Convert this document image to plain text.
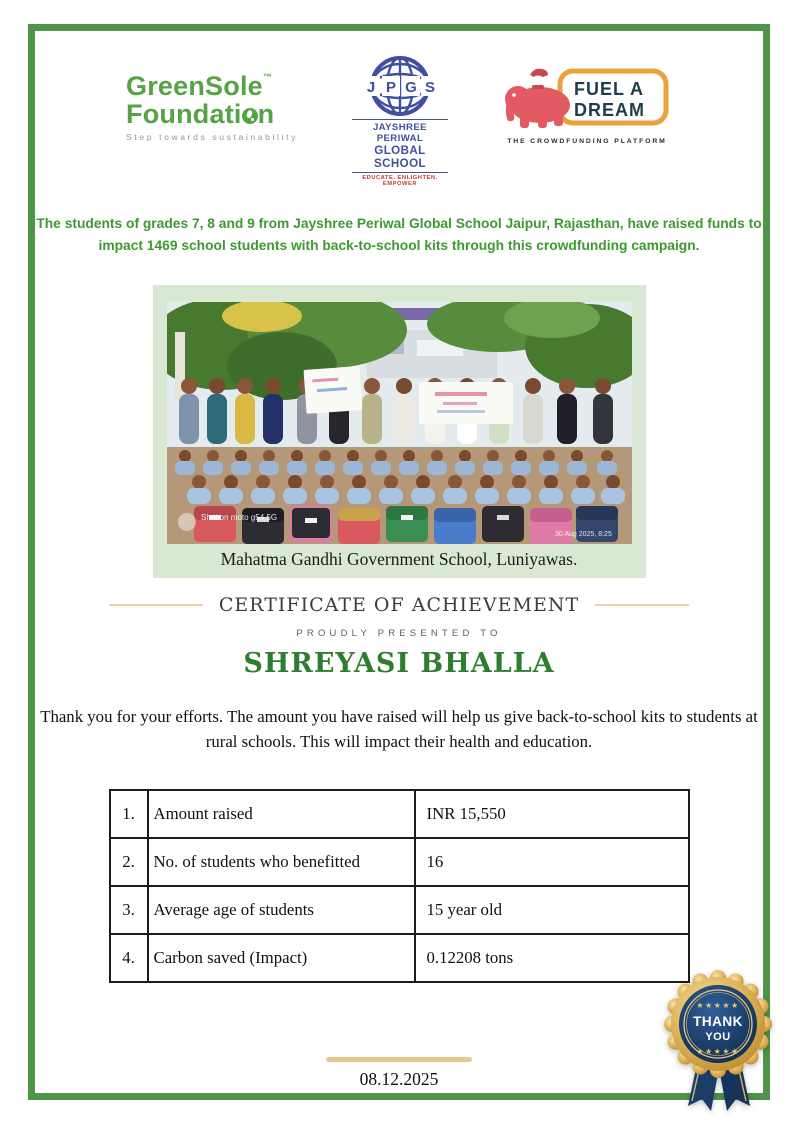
GreenSole™
Foundati n
Step towards sustainability
J P G S
JAYSHREE PERIWAL
GLOBAL SCHOOL
EDUCATE. ENLIGHTEN. EMPOWER
FUEL A
DREAM
THE CROWDFUNDING PLATFORM
The students of grades 7, 8 and 9 from Jayshree Periwal Global School Jaipur, Rajasthan, have raised funds to impact 1469 school students with back-to-school kits through this crowdfunding campaign.
Shot on moto g54 5G
30 Aug 2025, 8:25
Mahatma Gandhi Government School, Luniyawas.
CERTIFICATE OF ACHIEVEMENT
PROUDLY PRESENTED TO
SHREYASI BHALLA
Thank you for your efforts. The amount you have raised will help us give back-to-school kits to students at rural schools. This will impact their health and education.
1.	Amount raised	INR 15,550
2.	No. of students who benefitted	16
3.	Average age of students	15 year old
4.	Carbon saved (Impact)	0.12208 tons
08.12.2025
★★★★★
THANK
YOU
★★★★★
